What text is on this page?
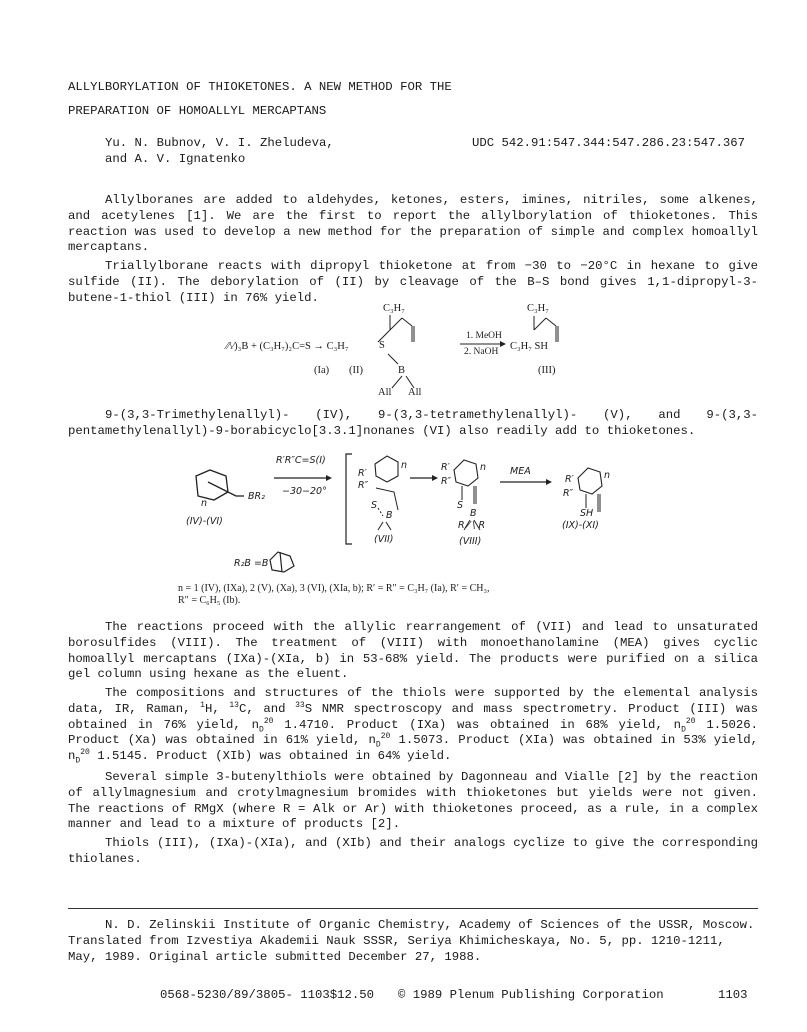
ALLYLBORYLATION OF THIOKETONES. A NEW METHOD FOR THE
PREPARATION OF HOMOALLYL MERCAPTANS
Yu. N. Bubnov, V. I. Zheludeva,
and A. V. Ignatenko
UDC 542.91:547.344:547.286.23:547.367
Allylboranes are added to aldehydes, ketones, esters, imines, nitriles, some alkenes, and acetylenes [1]. We are the first to report the allylborylation of thioketones. This reaction was used to develop a new method for the preparation of simple and complex homoallyl mercaptans.
Triallylborane reacts with dipropyl thioketone at from −30 to −20°C in hexane to give sulfide (II). The deborylation of (II) by cleavage of the B–S bond gives 1,1-dipropyl-3-butene-1-thiol (III) in 76% yield.
C₃H₇	C₃H₇
⁄⁄\⁄)₃B + (C₃H₇)₂C=S → C₃H₇	S
B
All All
1. MeOH
2. NaOH C₃H₇ SH
(Ia) (II)	(III)
9-(3,3-Trimethylenallyl)- (IV), 9-(3,3-tetramethylenallyl)- (V), and 9-(3,3-pentamethylenallyl)-9-borabicyclo[3.3.1]nonanes (VI) also readily add to thioketones.
R′R″C=S(I)
−30−20°
BR₂
n
(IV)-(VI)
R′
R″
n
S
B
(VII)
R′
R″
n
S
B
R ⁄ \ R
(VIII)
MEA
R′
R″
n
SH
(IX)-(XI)
R₂B =B
n = 1 (IV), (IXa), 2 (V), (Xa), 3 (VI), (XIa, b); R′ = R″ = C₃H₇ (Ia), R′ = CH₃,
R″ = C₆H₅ (Ib).
The reactions proceed with the allylic rearrangement of (VII) and lead to unsaturated borosulfides (VIII). The treatment of (VIII) with monoethanolamine (MEA) gives cyclic homoallyl mercaptans (IXa)-(XIa, b) in 53-68% yield. The products were purified on a silica gel column using hexane as the eluent.
The compositions and structures of the thiols were supported by the elemental analysis data, IR, Raman, $^1$H, $^{13}$C, and $^{33}$S NMR spectroscopy and mass spectrometry. Product (III) was obtained in 76% yield, $n_D^{20}$ 1.4710. Product (IXa) was obtained in 68% yield, $n_D^{20}$ 1.5026. Product (Xa) was obtained in 61% yield, $n_D^{20}$ 1.5073. Product (XIa) was obtained in 53% yield, $n_D^{20}$ 1.5145. Product (XIb) was obtained in 64% yield.
Several simple 3-butenylthiols were obtained by Dagonneau and Vialle [2] by the reaction of allylmagnesium and crotylmagnesium bromides with thioketones but yields were not given. The reactions of RMgX (where R = Alk or Ar) with thioketones proceed, as a rule, in a complex manner and lead to a mixture of products [2].
Thiols (III), (IXa)-(XIa), and (XIb) and their analogs cyclize to give the corresponding thiolanes.
N. D. Zelinskii Institute of Organic Chemistry, Academy of Sciences of the USSR, Moscow.
Translated from Izvestiya Akademii Nauk SSSR, Seriya Khimicheskaya, No. 5, pp. 1210-1211,
May, 1989. Original article submitted December 27, 1988.
0568-5230/89/3805- 1103$12.50 © 1989 Plenum Publishing Corporation	1103
